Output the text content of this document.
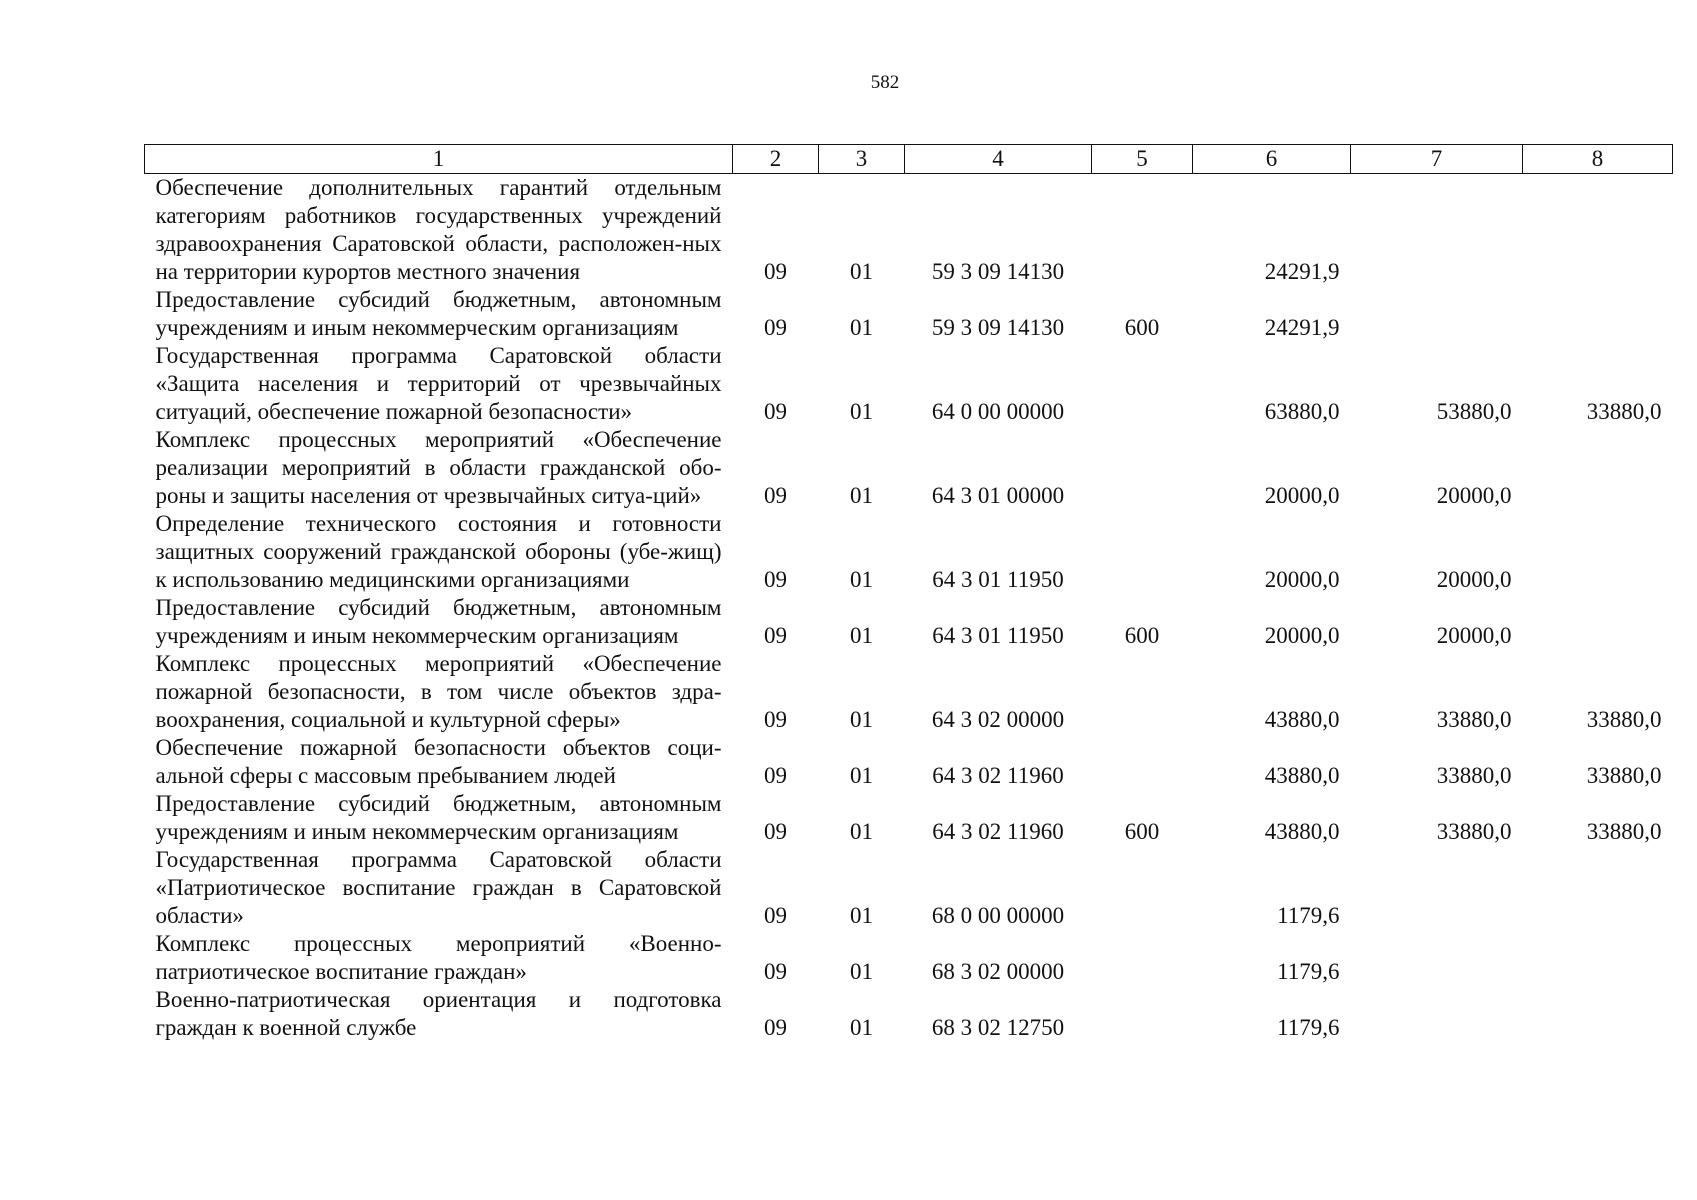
582
1	2	3	4	5	6	7	8
Обеспечение дополнительных гарантий отдельным категориям работников государственных учреждений здравоохранения Саратовской области, расположен-ных на территории курортов местного значения	09	01	59 3 09 14130		24291,9		
Предоставление субсидий бюджетным, автономным учреждениям и иным некоммерческим организациям	09	01	59 3 09 14130	600	24291,9		
Государственная программа Саратовской области «Защита населения и территорий от чрезвычайных ситуаций, обеспечение пожарной безопасности»	09	01	64 0 00 00000		63880,0	53880,0	33880,0
Комплекс процессных мероприятий «Обеспечение реализации мероприятий в области гражданской обо-роны и защиты населения от чрезвычайных ситуа-ций»	09	01	64 3 01 00000		20000,0	20000,0	
Определение технического состояния и готовности защитных сооружений гражданской обороны (убе-жищ) к использованию медицинскими организациями	09	01	64 3 01 11950		20000,0	20000,0	
Предоставление субсидий бюджетным, автономным учреждениям и иным некоммерческим организациям	09	01	64 3 01 11950	600	20000,0	20000,0	
Комплекс процессных мероприятий «Обеспечение пожарной безопасности, в том числе объектов здра-воохранения, социальной и культурной сферы»	09	01	64 3 02 00000		43880,0	33880,0	33880,0
Обеспечение пожарной безопасности объектов соци-альной сферы с массовым пребыванием людей	09	01	64 3 02 11960		43880,0	33880,0	33880,0
Предоставление субсидий бюджетным, автономным учреждениям и иным некоммерческим организациям	09	01	64 3 02 11960	600	43880,0	33880,0	33880,0
Государственная программа Саратовской области «Патриотическое воспитание граждан в Саратовской области»	09	01	68 0 00 00000		1179,6		
Комплекс процессных мероприятий «Военно-патриотическое воспитание граждан»	09	01	68 3 02 00000		1179,6		
Военно-патриотическая ориентация и подготовка граждан к военной службе	09	01	68 3 02 12750		1179,6		
